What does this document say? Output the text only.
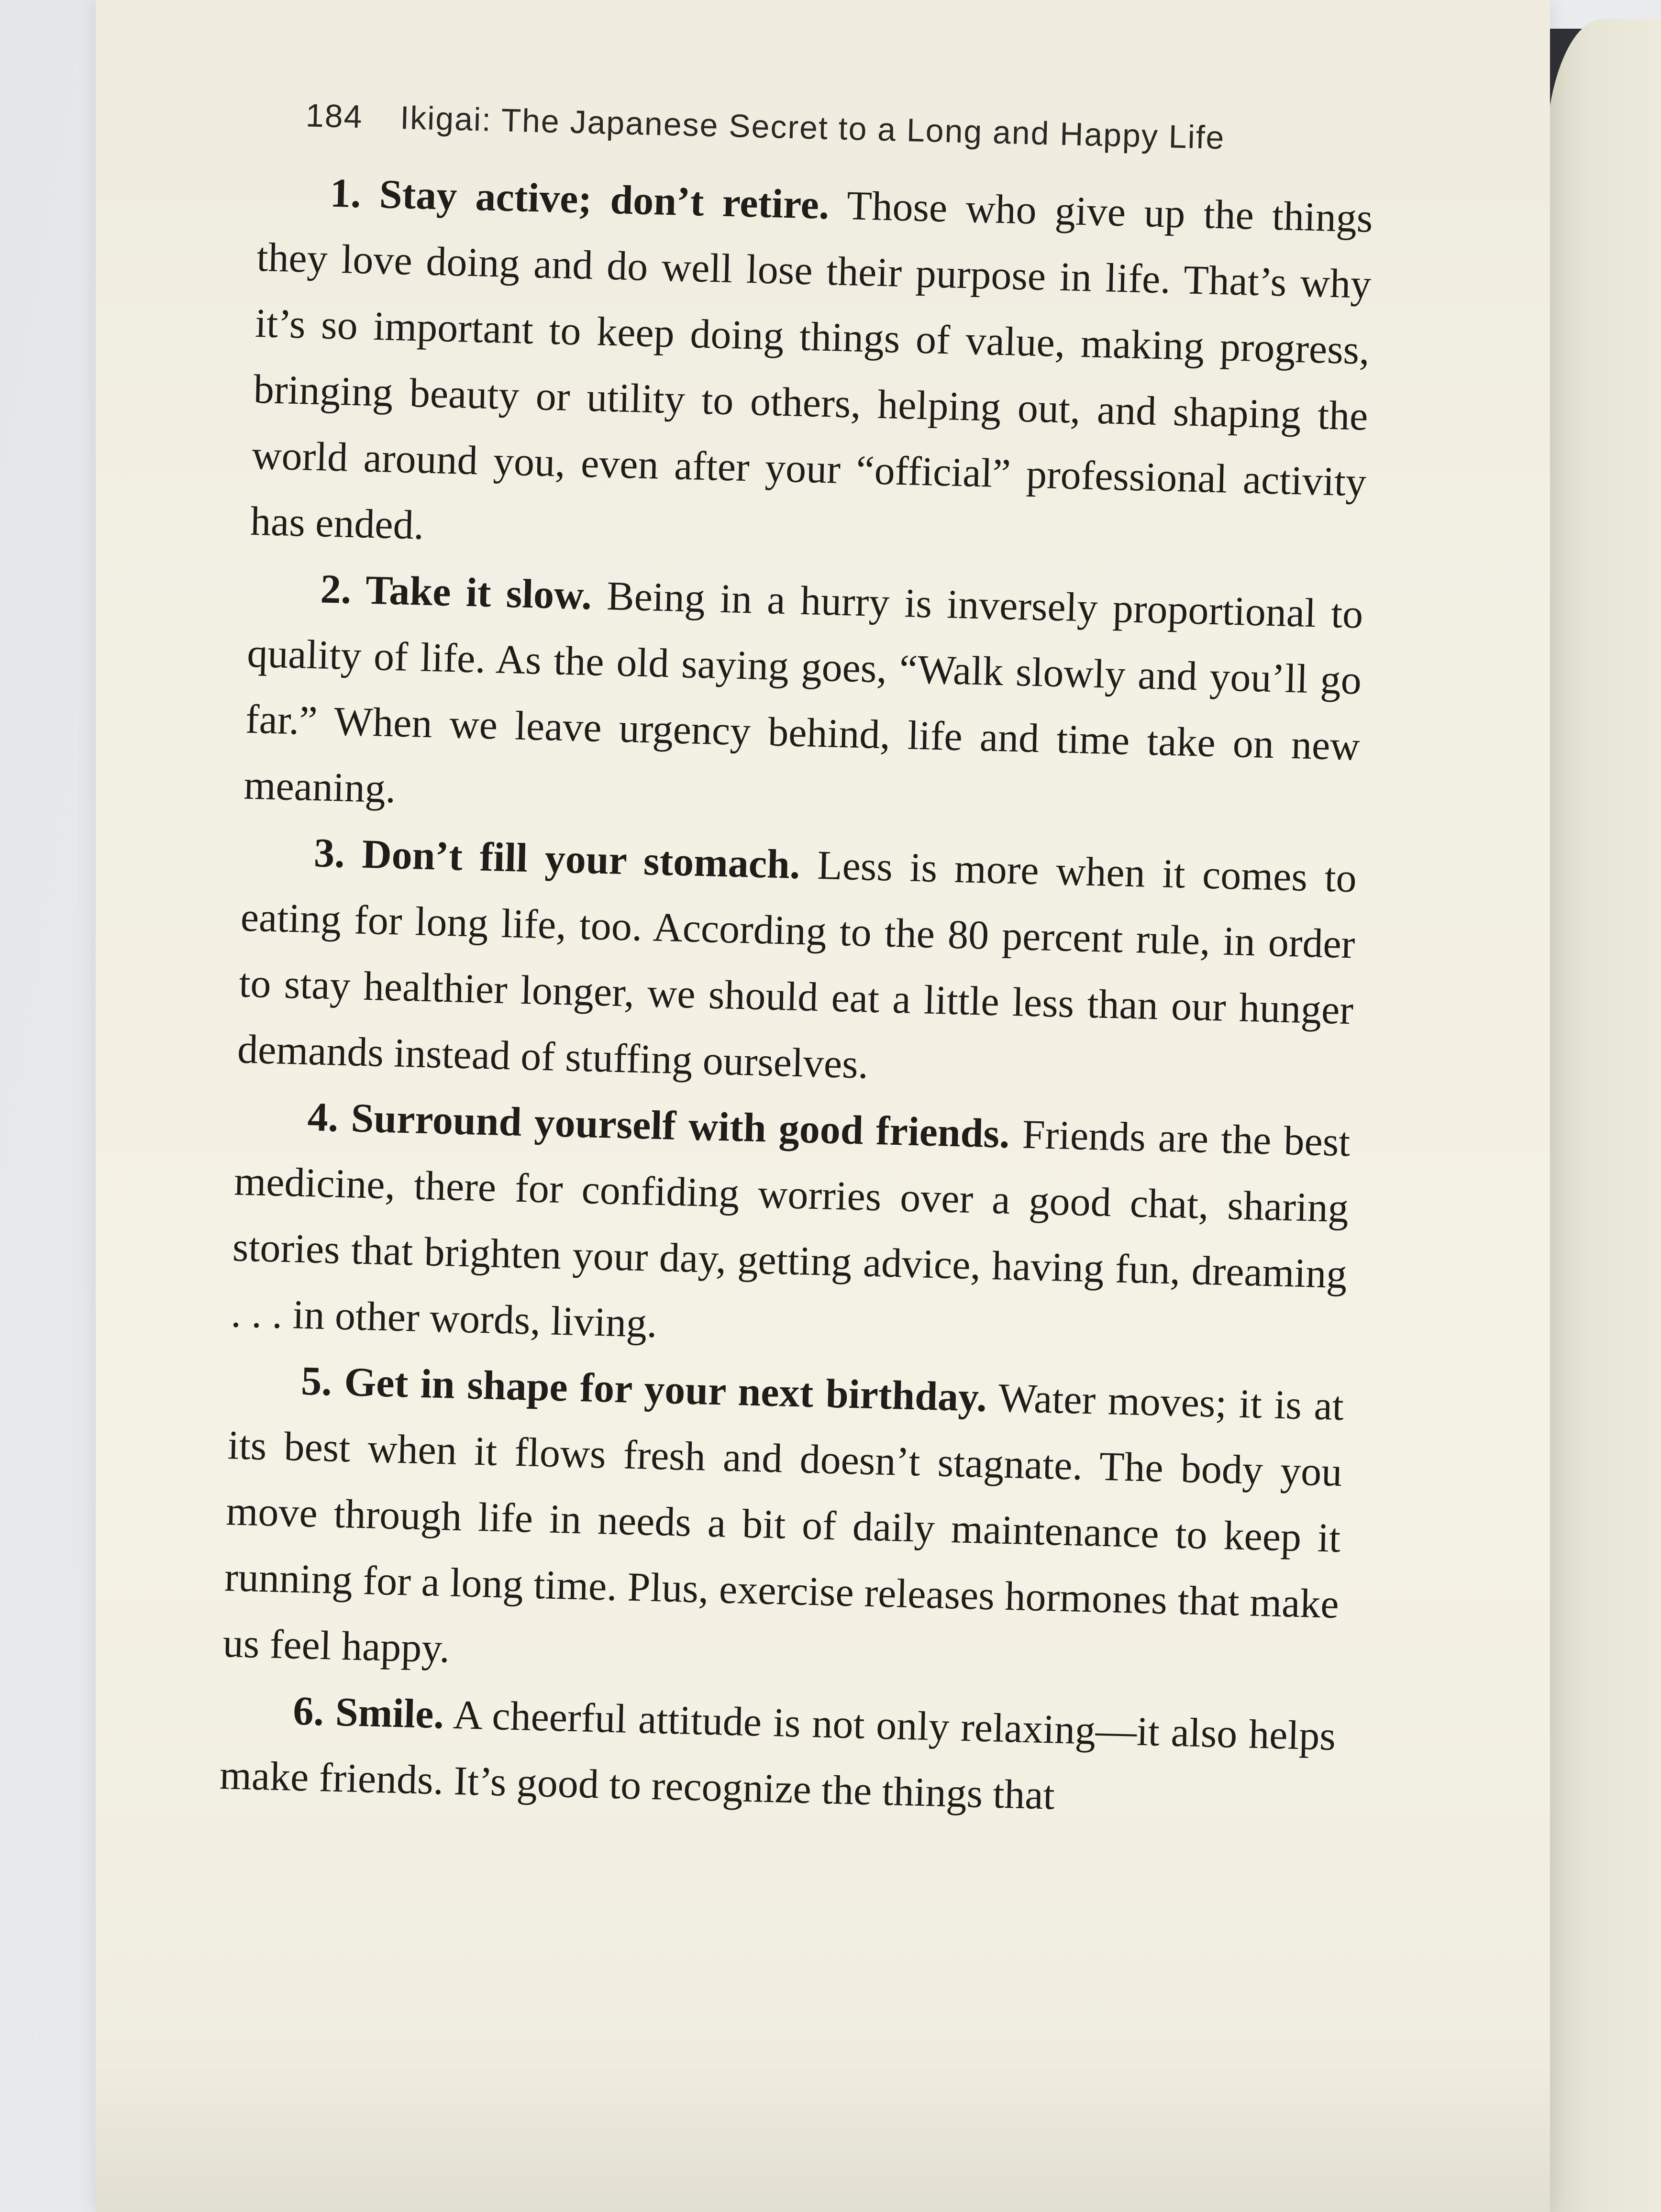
184 Ikigai: The Japanese Secret to a Long and Happy Life

1. Stay active; don’t retire. Those who give up the things they love doing and do well lose their purpose in life. That’s why it’s so important to keep doing things of value, making progress, bringing beauty or utility to others, helping out, and shaping the world around you, even after your “official” professional activity has ended.

2. Take it slow. Being in a hurry is inversely proportional to quality of life. As the old saying goes, “Walk slowly and you’ll go far.” When we leave urgency behind, life and time take on new meaning.

3. Don’t fill your stomach. Less is more when it comes to eating for long life, too. According to the 80 percent rule, in order to stay healthier longer, we should eat a little less than our hunger demands instead of stuffing ourselves.

4. Surround yourself with good friends. Friends are the best medicine, there for confiding worries over a good chat, sharing stories that brighten your day, getting advice, having fun, dreaming . . . in other words, living.

5. Get in shape for your next birthday. Water moves; it is at its best when it flows fresh and doesn’t stagnate. The body you move through life in needs a bit of daily maintenance to keep it running for a long time. Plus, exercise releases hormones that make us feel happy.

6. Smile. A cheerful attitude is not only relaxing—it also helps make friends. It’s good to recognize the things that
